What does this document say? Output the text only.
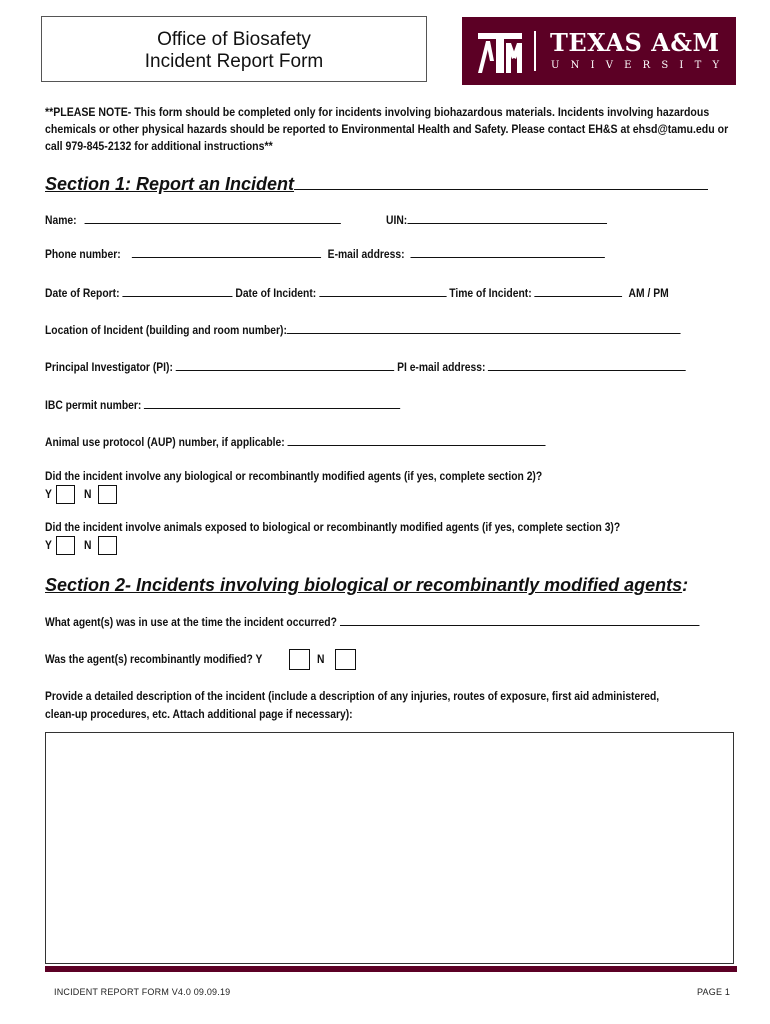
Office of Biosafety
Incident Report Form
TEXAS A&M
UNIVERSITY
**PLEASE NOTE- This form should be completed only for incidents involving biohazardous materials. Incidents involving hazardous chemicals or other physical hazards should be reported to Environmental Health and Safety. Please contact EH&S at ehsd@tamu.edu or call 979-845-2132 for additional instructions**
Section 1: Report an Incident
Name:	UIN:
Phone number:	E-mail address:
Date of Report:	Date of Incident:	Time of Incident:	AM / PM
Location of Incident (building and room number):
Principal Investigator (PI):	PI e-mail address:
IBC permit number:
Animal use protocol (AUP) number, if applicable:
Did the incident involve any biological or recombinantly modified agents (if yes, complete section 2)?
Y	N
Did the incident involve animals exposed to biological or recombinantly modified agents (if yes, complete section 3)?
Y	N
Section 2- Incidents involving biological or recombinantly modified agents:
What agent(s) was in use at the time the incident occurred?
Was the agent(s) recombinantly modified? Y	N
Provide a detailed description of the incident (include a description of any injuries, routes of exposure, first aid administered,
clean-up procedures, etc. Attach additional page if necessary):
INCIDENT REPORT FORM V4.0 09.09.19	PAGE 1
